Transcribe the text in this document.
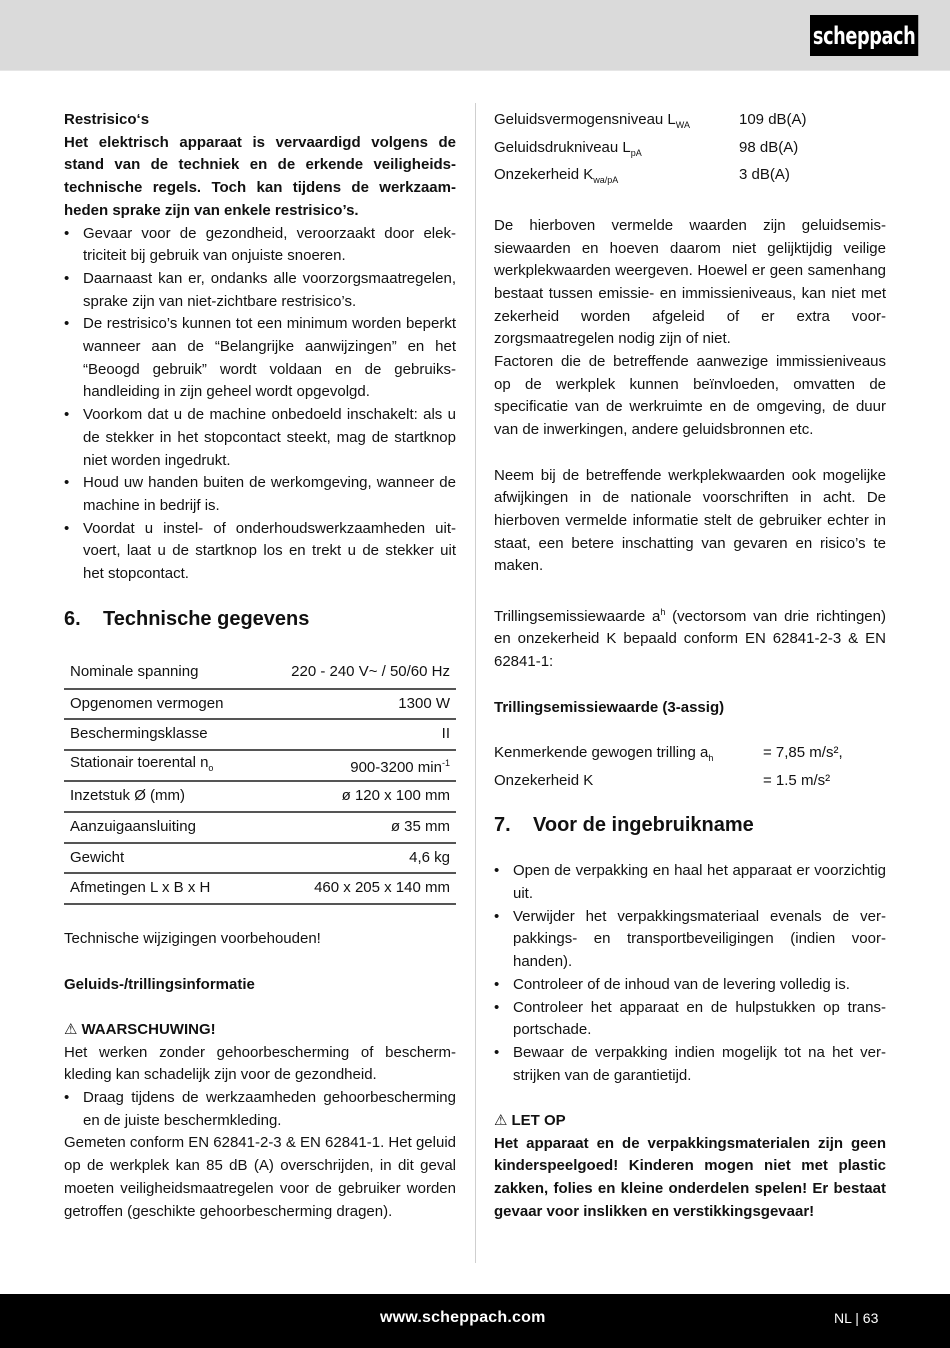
scheppach
Restrisico‘s

Het elektrisch apparaat is vervaardigd volgens de stand van de techniek en de erkende veiligheidstechnische regels. Toch kan tijdens de werkzaamheden sprake zijn van enkele restrisico’s.

• Gevaar voor de gezondheid, veroorzaakt door elektriciteit bij gebruik van onjuiste snoeren.
• Daarnaast kan er, ondanks alle voorzorgsmaatregelen, sprake zijn van niet-zichtbare restrisico’s.
• De restrisico’s kunnen tot een minimum worden beperkt wanneer aan de “Belangrijke aanwijzingen” en het “Beoogd gebruik” wordt voldaan en de gebruikshandleiding in zijn geheel wordt opgevolgd.
• Voorkom dat u de machine onbedoeld inschakelt: als u de stekker in het stopcontact steekt, mag de startknop niet worden ingedrukt.
• Houd uw handen buiten de werkomgeving, wanneer de machine in bedrijf is.
• Voordat u instel- of onderhoudswerkzaamheden uitvoert, laat u de startknop los en trekt u de stekker uit het stopcontact.
6.	Technische gegevens
Nominale spanning	220 - 240 V~ / 50/60 Hz
Opgenomen vermogen	1300 W
Beschermingsklasse	II
Stationair toerental $n_o$	900-3200 $\min^{-1}$
Inzetstuk Ø (mm)	ø 120 x 100 mm
Aanzuigaansluiting	ø 35 mm
Gewicht	4,6 kg
Afmetingen L x B x H	460 x 205 x 140 mm
Technische wijzigingen voorbehouden!
Geluids-/trillingsinformatie
⚠ WAARSCHUWING!

Het werken zonder gehoorbescherming of beschermkleding kan schadelijk zijn voor de gezondheid.

• Draag tijdens de werkzaamheden gehoorbescherming en de juiste beschermkleding.

Gemeten conform EN 62841-2-3 & EN 62841-1. Het geluid op de werkplek kan 85 dB (A) overschrijden, in dit geval moeten veiligheidsmaatregelen voor de gebruiker worden getroffen (geschikte gehoorbescherming dragen).

Geluidsvermogensniveau $L_{WA}$	109 dB(A)
Geluidsdrukniveau $L_{pA}$	98 dB(A)
Onzekerheid $K_{wa/pA}$	3 dB(A)

De hierboven vermelde waarden zijn geluidsemissiewaarden en hoeven daarom niet gelijktijdig veilige werkplekwaarden weergeven. Hoewel er geen samenhang bestaat tussen emissie- en immissieniveaus, kan niet met zekerheid worden afgeleid of er extra voorzorgsmaatregelen nodig zijn of niet.

Factoren die de betreffende aanwezige immissieniveaus op de werkplek kunnen beïnvloeden, omvatten de specificatie van de werkruimte en de omgeving, de duur van de inwerkingen, andere geluidsbronnen etc.

Neem bij de betreffende werkplekwaarden ook mogelijke afwijkingen in de nationale voorschriften in acht. De hierboven vermelde informatie stelt de gebruiker echter in staat, een betere inschatting van gevaren en risico’s te maken.

Trillingsemissiewaarde $a^h$ (vectorsom van drie richtingen) en onzekerheid K bepaald conform EN 62841-2-3 & EN 62841-1:

Trillingsemissiewaarde (3-assig)
Kenmerkende gewogen trilling $a_h$	= 7,85 m/s²,
Onzekerheid K	= 1.5 m/s²
7.	Voor de ingebruikname
• Open de verpakking en haal het apparaat er voorzichtig uit.
• Verwijder het verpakkingsmateriaal evenals de verpakkings- en transportbeveiligingen (indien voorhanden).
• Controleer of de inhoud van de levering volledig is.
• Controleer het apparaat en de hulpstukken op transportschade.
• Bewaar de verpakking indien mogelijk tot na het verstrijken van de garantietijd.
⚠ LET OP

Het apparaat en de verpakkingsmaterialen zijn geen kinderspeelgoed! Kinderen mogen niet met plastic zakken, folies en kleine onderdelen spelen! Er bestaat gevaar voor inslikken en verstikkingsgevaar!

www.scheppach.com	NL | 63
